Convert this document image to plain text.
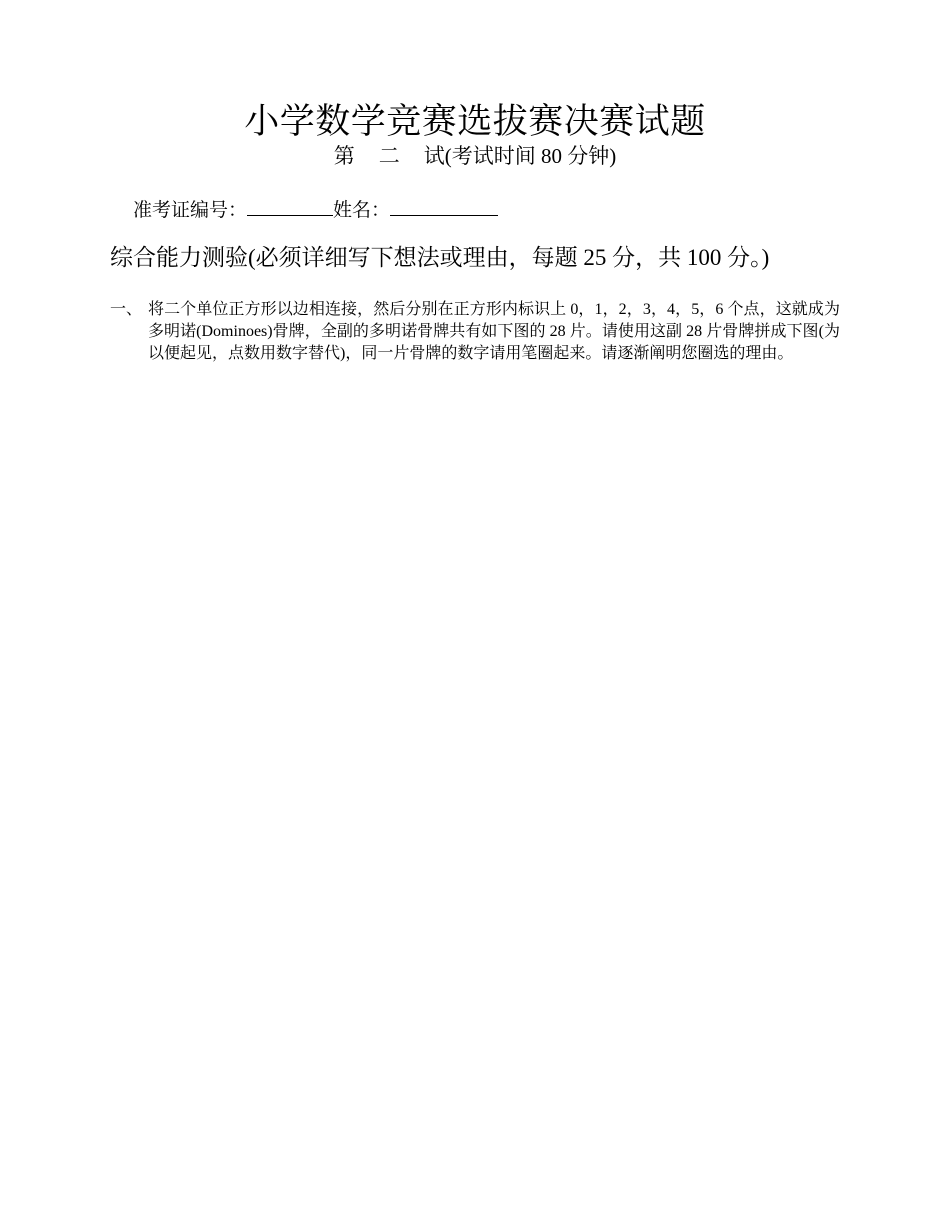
小学数学竞赛选拔赛决赛试题
第 二 试(考试时间 80 分钟)
准考证编号：	姓名：
综合能力测验(必须详细写下想法或理由，每题 25 分，共 100 分。)
一、 将二个单位正方形以边相连接，然后分别在正方形内标识上 0，1，2，3，4，5，6 个点，这就成为多明诺(Dominoes)骨牌，全副的多明诺骨牌共有如下图的 28 片。请使用这副 28 片骨牌拼成下图(为以便起见，点数用数字替代)，同一片骨牌的数字请用笔圈起来。请逐渐阐明您圈选的理由。
